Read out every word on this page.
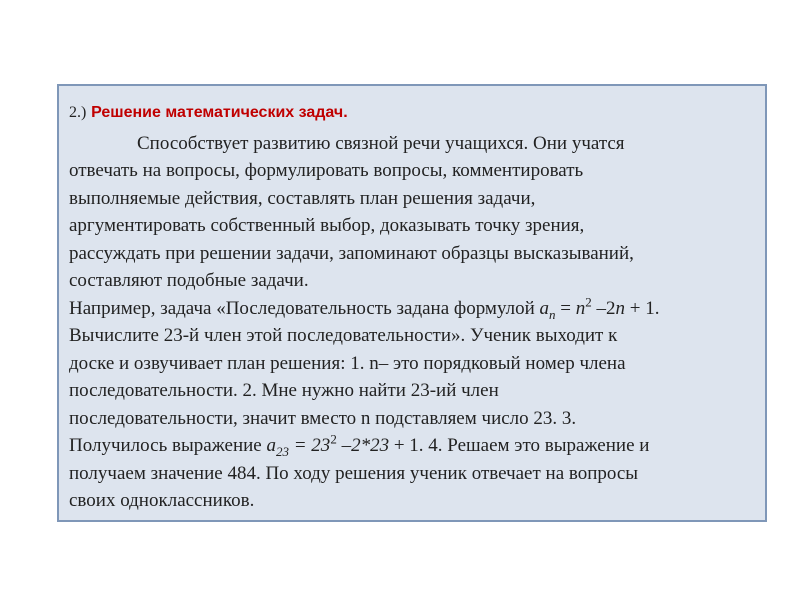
2.) Решение математических задач.
Способствует развитию связной речи учащихся. Они учатся
отвечать на вопросы, формулировать вопросы, комментировать
выполняемые действия, составлять план решения задачи,
аргументировать собственный выбор, доказывать точку зрения,
рассуждать при решении задачи, запоминают образцы высказываний,
составляют подобные задачи.
Например, задача «Последовательность задана формулой $a_n = n^2$ –2n + 1.
Вычислите 23-й член этой последовательности». Ученик выходит к
доске и озвучивает план решения: 1. n– это порядковый номер члена
последовательности. 2. Мне нужно найти 23-ий член
последовательности, значит вместо n подставляем число 23. 3.
Получилось выражение $a_{23} = 23^2$ –2*23 + 1. 4. Решаем это выражение и
получаем значение 484. По ходу решения ученик отвечает на вопросы
своих одноклассников.
